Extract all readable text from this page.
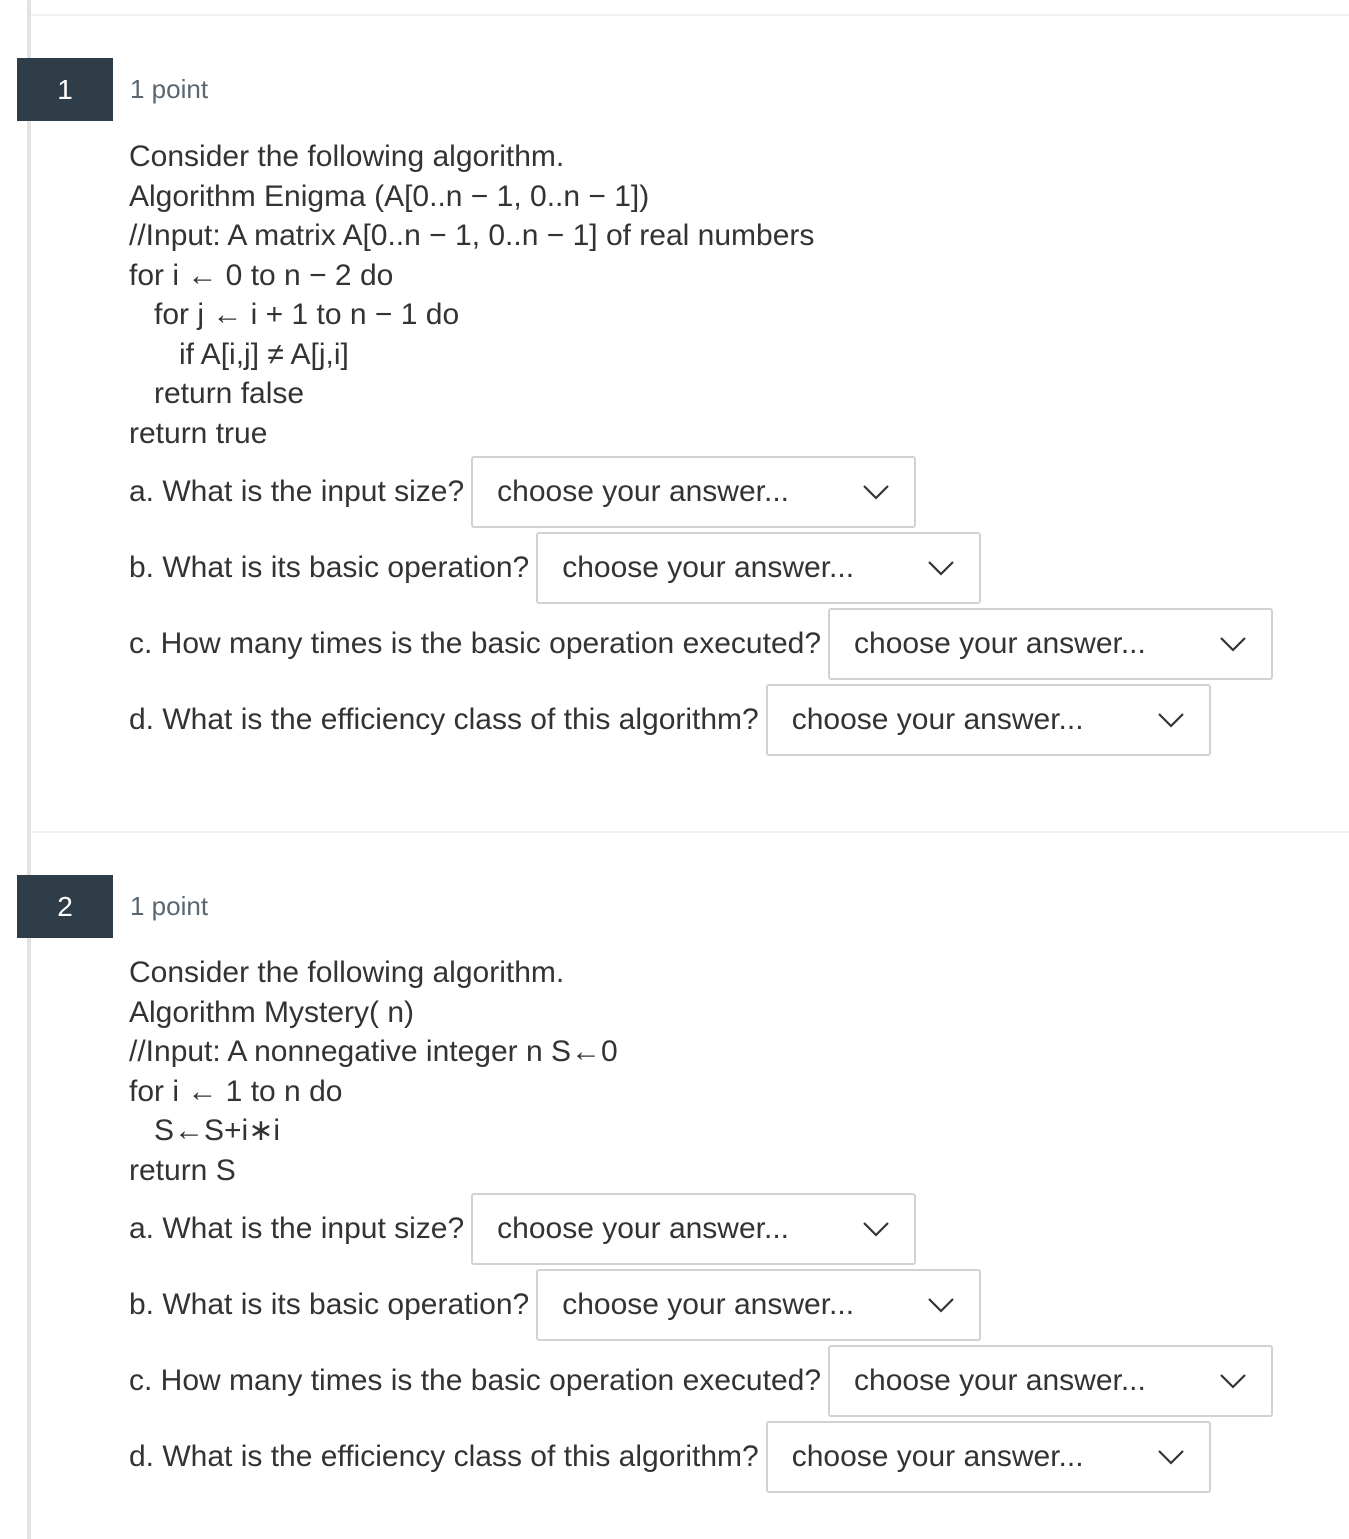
1	1 point
Consider the following algorithm.
Algorithm Enigma (A[0..n − 1, 0..n − 1])
//Input: A matrix A[0..n − 1, 0..n − 1] of real numbers
for i ← 0 to n − 2 do
for j ← i + 1 to n − 1 do
if A[i,j] ≠ A[j,i]
return false
return true
a. What is the input size? choose your answer...
b. What is its basic operation? choose your answer...
c. How many times is the basic operation executed? choose your answer...
d. What is the efficiency class of this algorithm? choose your answer...
2	1 point
Consider the following algorithm.
Algorithm Mystery( n)
//Input: A nonnegative integer n S←0
for i ← 1 to n do
S←S+i∗i
return S
a. What is the input size? choose your answer...
b. What is its basic operation? choose your answer...
c. How many times is the basic operation executed? choose your answer...
d. What is the efficiency class of this algorithm? choose your answer...
